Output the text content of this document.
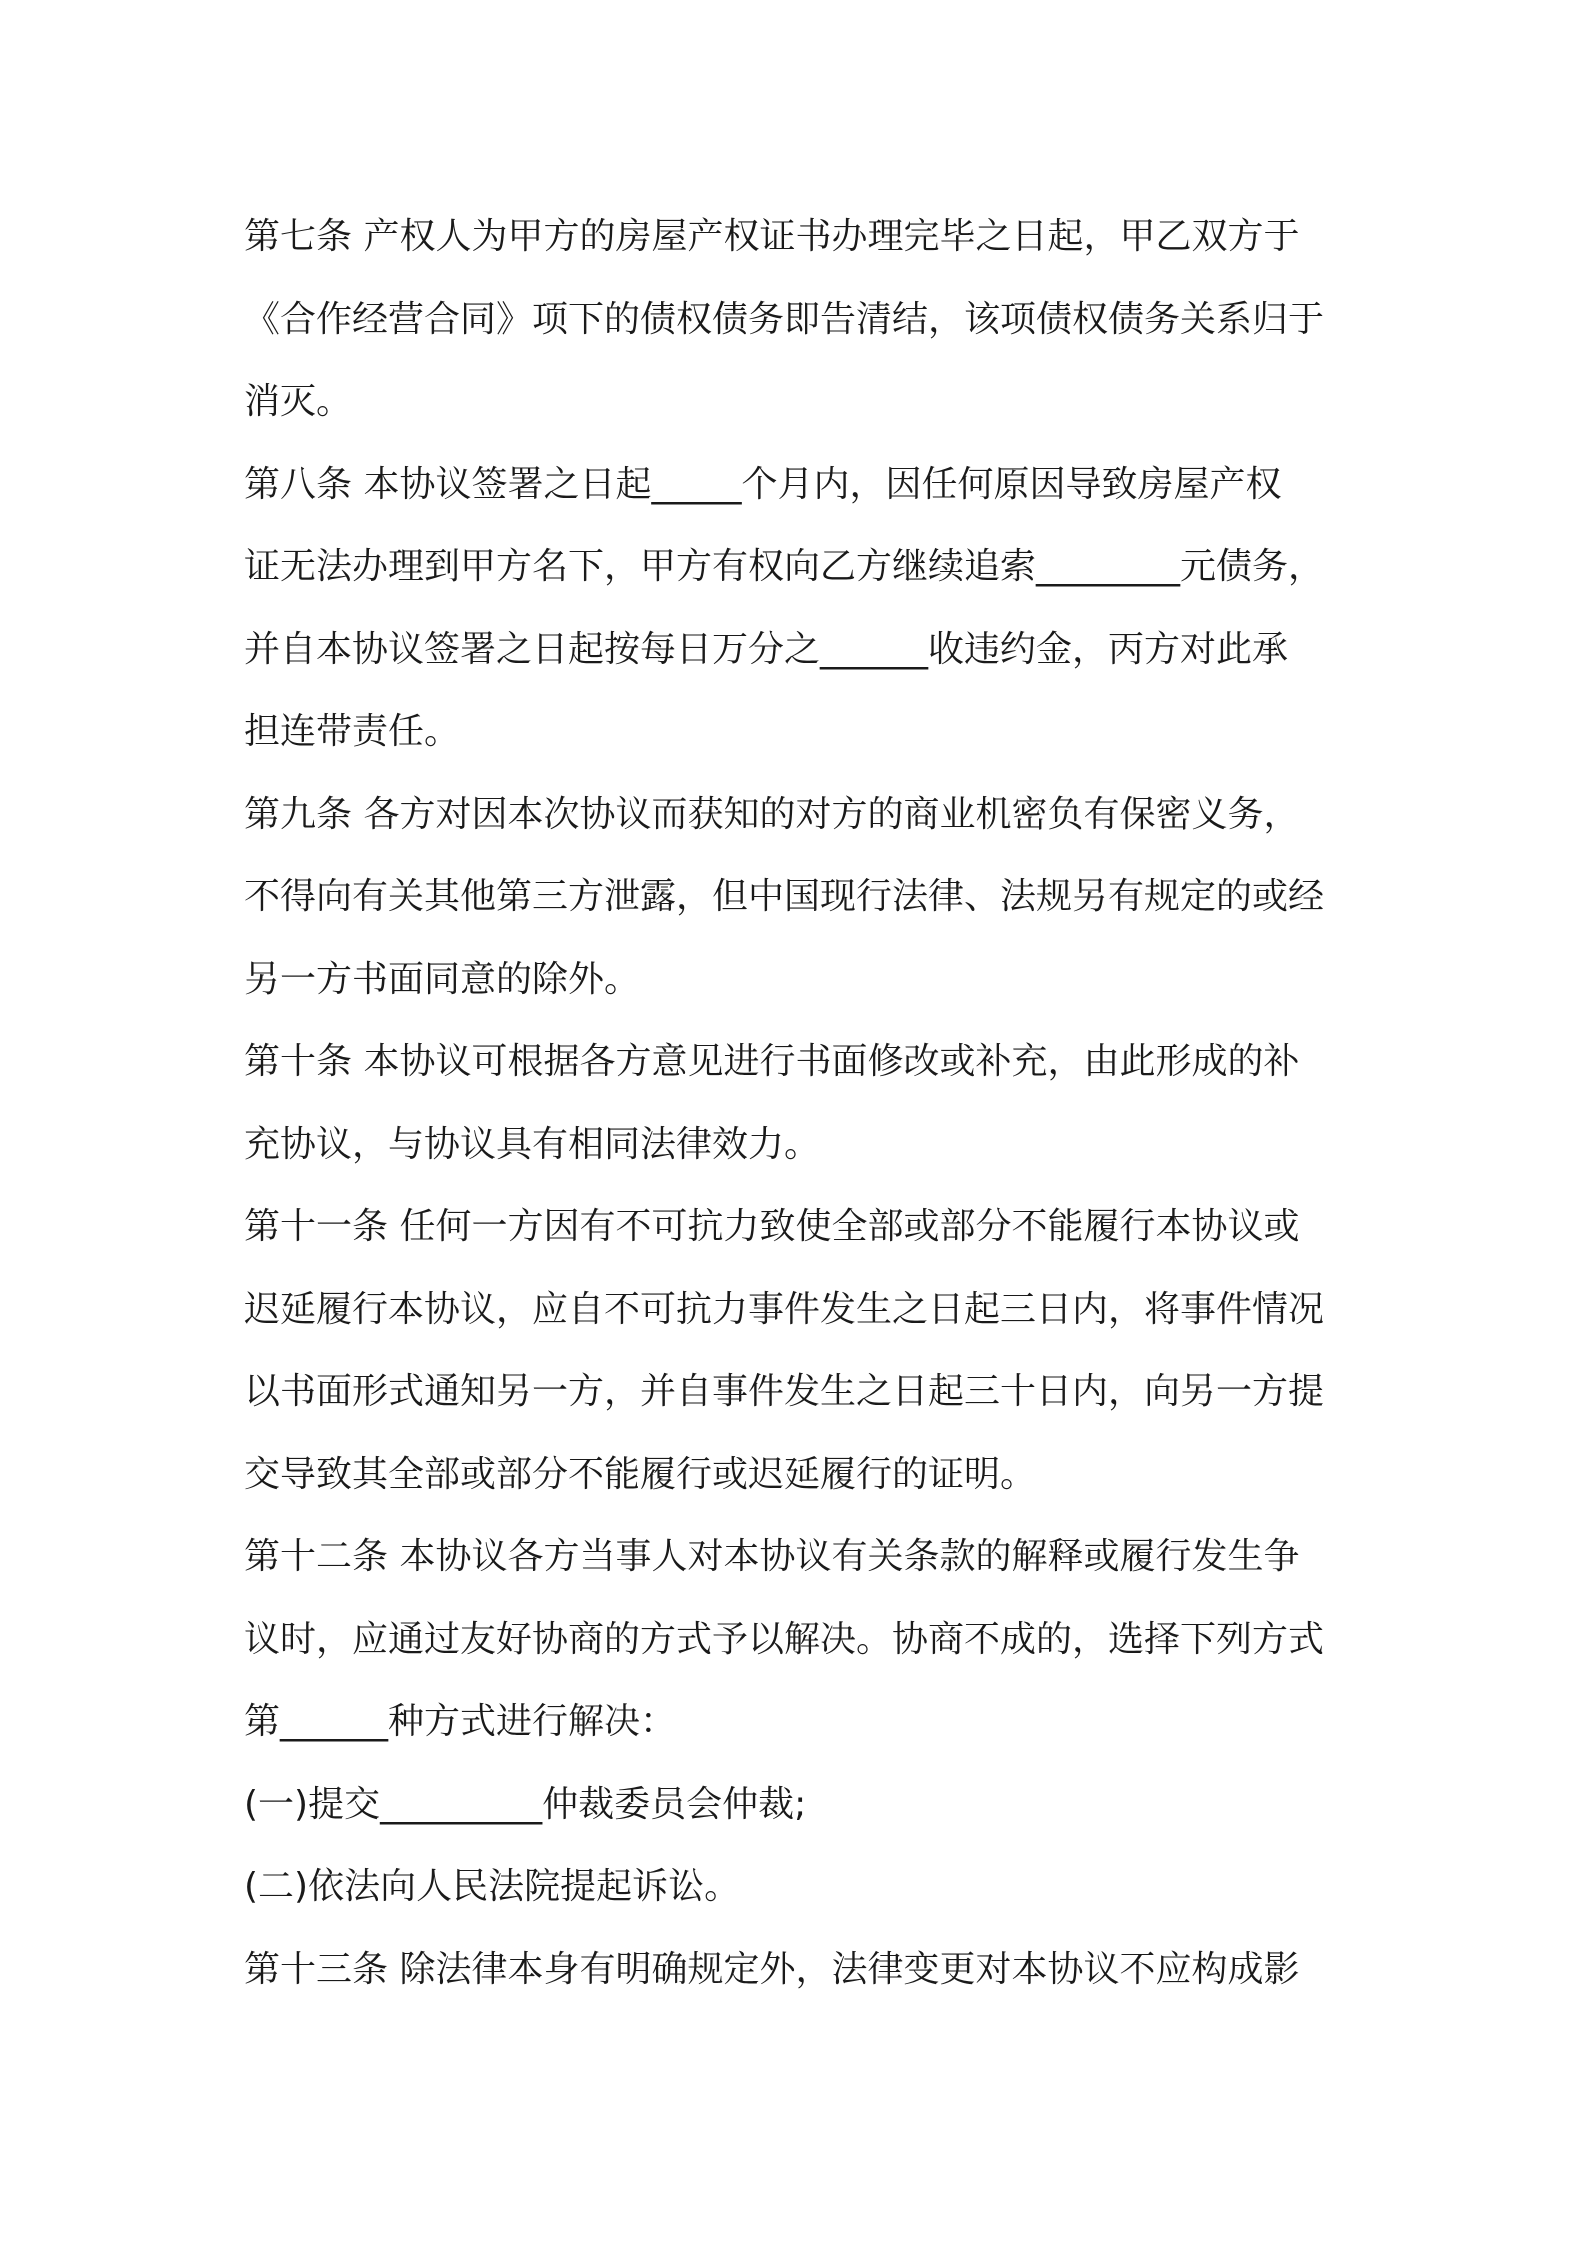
第七条 产权人为甲方的房屋产权证书办理完毕之日起，甲乙双方于
《合作经营合同》项下的债权债务即告清结，该项债权债务关系归于
消灭。
第八条 本协议签署之日起_____个月内，因任何原因导致房屋产权
证无法办理到甲方名下，甲方有权向乙方继续追索________元债务，
并自本协议签署之日起按每日万分之______收违约金，丙方对此承
担连带责任。
第九条 各方对因本次协议而获知的对方的商业机密负有保密义务，
不得向有关其他第三方泄露，但中国现行法律、法规另有规定的或经
另一方书面同意的除外。
第十条 本协议可根据各方意见进行书面修改或补充，由此形成的补
充协议，与协议具有相同法律效力。
第十一条 任何一方因有不可抗力致使全部或部分不能履行本协议或
迟延履行本协议，应自不可抗力事件发生之日起三日内，将事件情况
以书面形式通知另一方，并自事件发生之日起三十日内，向另一方提
交导致其全部或部分不能履行或迟延履行的证明。
第十二条 本协议各方当事人对本协议有关条款的解释或履行发生争
议时，应通过友好协商的方式予以解决。协商不成的，选择下列方式
第______种方式进行解决：
(一)提交_________仲裁委员会仲裁;
(二)依法向人民法院提起诉讼。
第十三条 除法律本身有明确规定外，法律变更对本协议不应构成影
